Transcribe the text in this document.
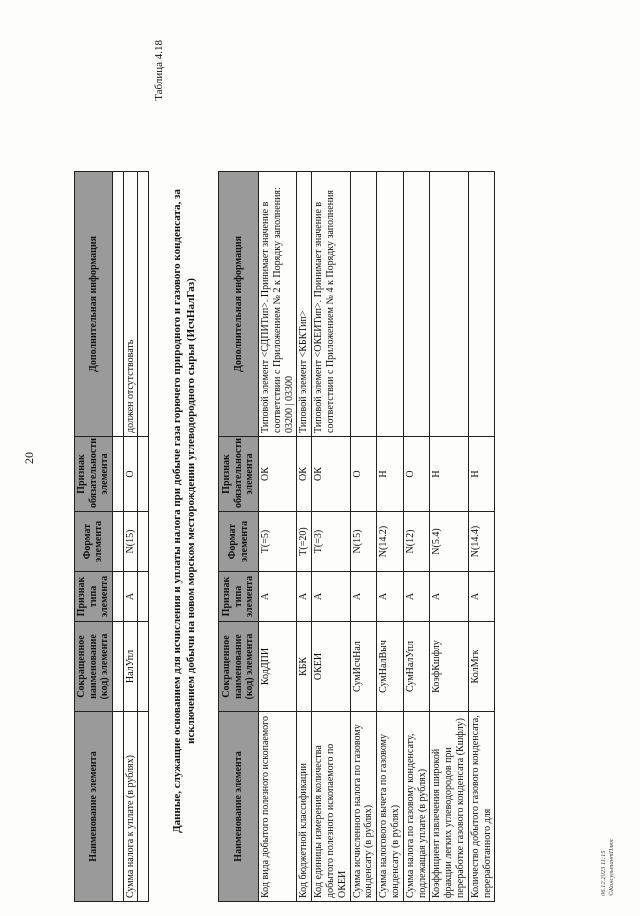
20
Наименование элемента	Сокращенное наименование (код) элемента	Признак типа элемента	Формат элемента	Признак обязательности элемента	Дополнительная информация

Сумма налога к уплате (в рублях)	НалУпл	А	N(15)	О	должен отсутствовать

Таблица 4.18
Данные, служащие основанием для исчисления и уплаты налога при добыче газа горючего природного и газового конденсата, за исключением добычи на новом морском месторождении углеводородного сырья (ИсчНалГаз)
Наименование элемента	Сокращенное наименование (код) элемента	Признак типа элемента	Формат элемента	Признак обязательности элемента	Дополнительная информация
Код вида добытого полезного ископаемого	КодДПИ	А	T(=5)	ОК	Типовой элемент <СДПИТип>. Принимает значение в соответствии с Приложением № 2 к Порядку заполнения: 03200 | 03300
Код бюджетной классификации	КБК	А	T(=20)	ОК	Типовой элемент <КБКТип>
Код единицы измерения количества добытого полезного ископаемого по ОКЕИ	ОКЕИ	А	T(=3)	ОК	Типовой элемент <ОКЕИТип>. Принимает значение в соответствии с Приложением № 4 к Порядку заполнения
Сумма исчисленного налога по газовому конденсату (в рублях)	СумИсчНал	А	N(15)	О	
Сумма налогового вычета по газовому конденсату (в рублях)	СумНалВыч	А	N(14.2)	Н	
Сумма налога по газовому конденсату, подлежащая уплате (в рублях)	СумНалУпл	А	N(12)	О	
Коэффициент извлечения широкой фракции легких углеводородов при переработке газового конденсата (Кшфлу)	КоэфКшфлу	А	N(5.4)	Н	
Количество добытого газового конденсата, переработанного для	КолМгк	А	N(14.4)	Н	
06.12.2023 11:15 ©КонсультантПлюс
